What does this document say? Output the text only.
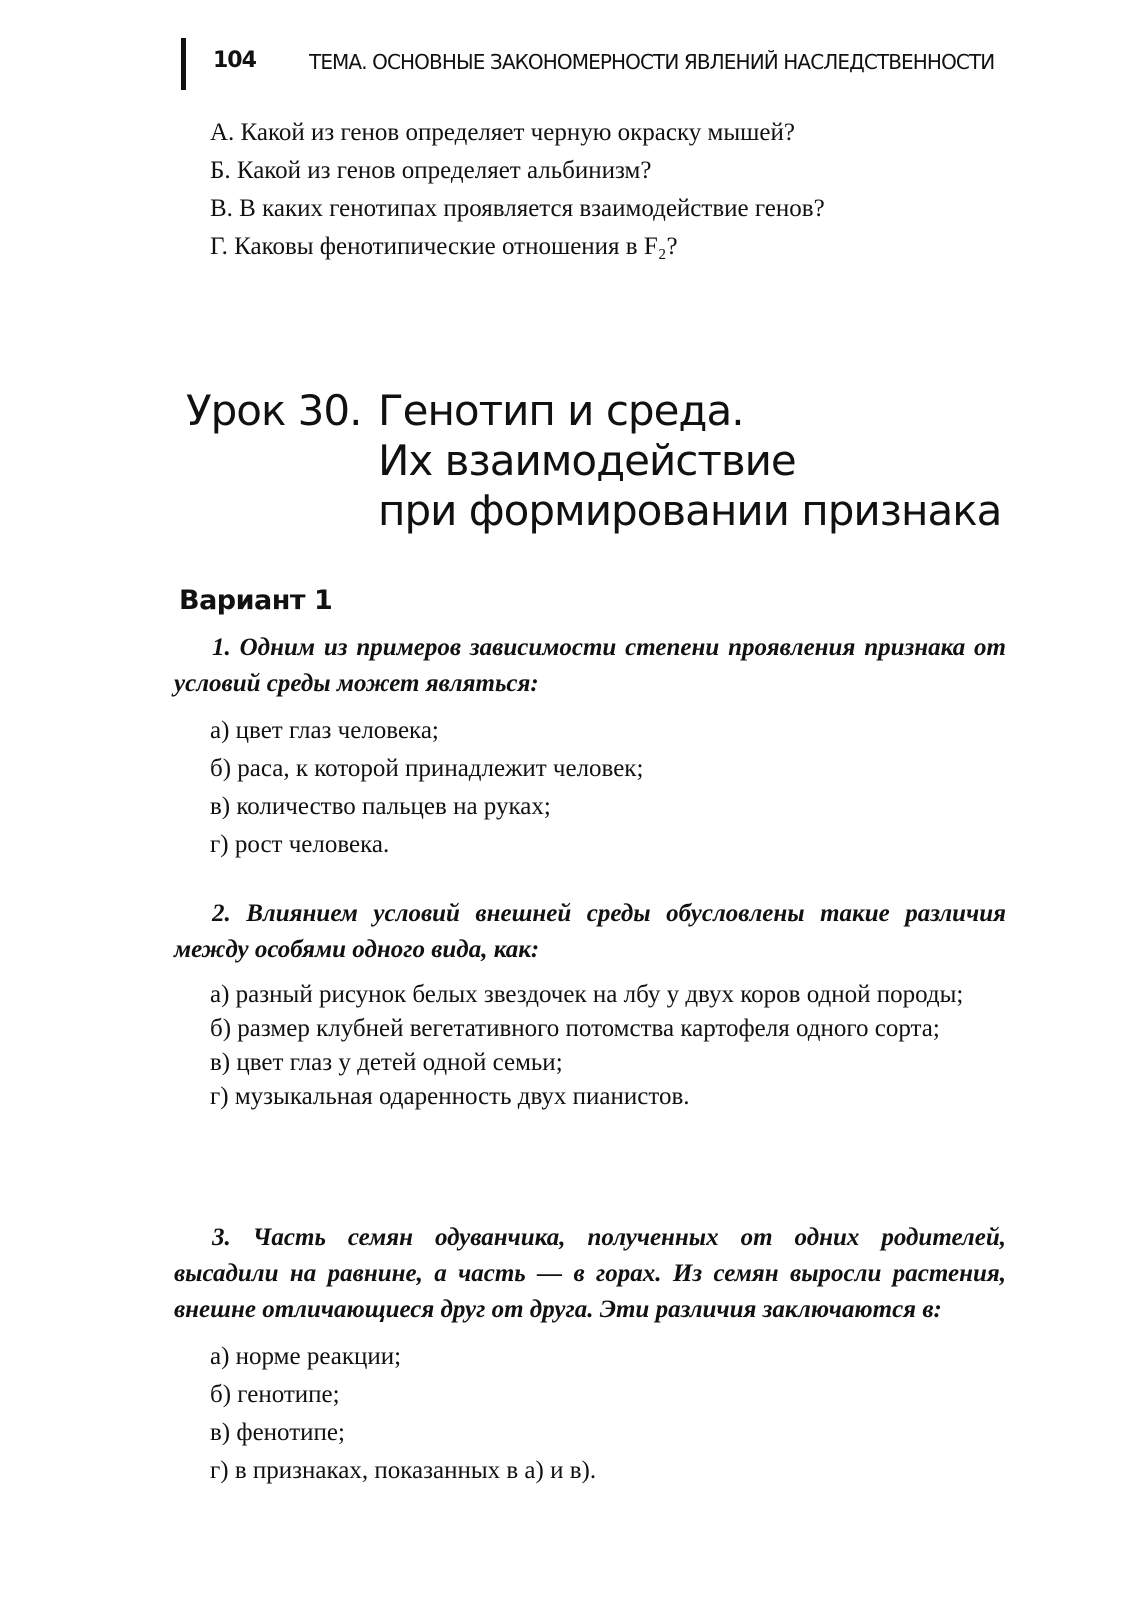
104	ТЕМА. ОСНОВНЫЕ ЗАКОНОМЕРНОСТИ ЯВЛЕНИЙ НАСЛЕДСТВЕННОСТИ
А. Какой из генов определяет черную окраску мышей?
Б. Какой из генов определяет альбинизм?
В. В каких генотипах проявляется взаимодействие генов?
Г. Каковы фенотипические отношения в F₂?
Урок 30. Генотип и среда.
Их взаимодействие
при формировании признака
Вариант 1

1. Одним из примеров зависимости степени проявления признака от условий среды может являться:

а) цвет глаз человека;
б) раса, к которой принадлежит человек;
в) количество пальцев на руках;
г) рост человека.

2. Влиянием условий внешней среды обусловлены такие различия между особями одного вида, как:

а) разный рисунок белых звездочек на лбу у двух коров одной породы;
б) размер клубней вегетативного потомства картофеля одного сорта;
в) цвет глаз у детей одной семьи;
г) музыкальная одаренность двух пианистов.

3. Часть семян одуванчика, полученных от одних родителей, высадили на равнине, а часть — в горах. Из семян выросли растения, внешне отличающиеся друг от друга. Эти различия заключаются в:

а) норме реакции;
б) генотипе;
в) фенотипе;
г) в признаках, показанных в а) и в).
